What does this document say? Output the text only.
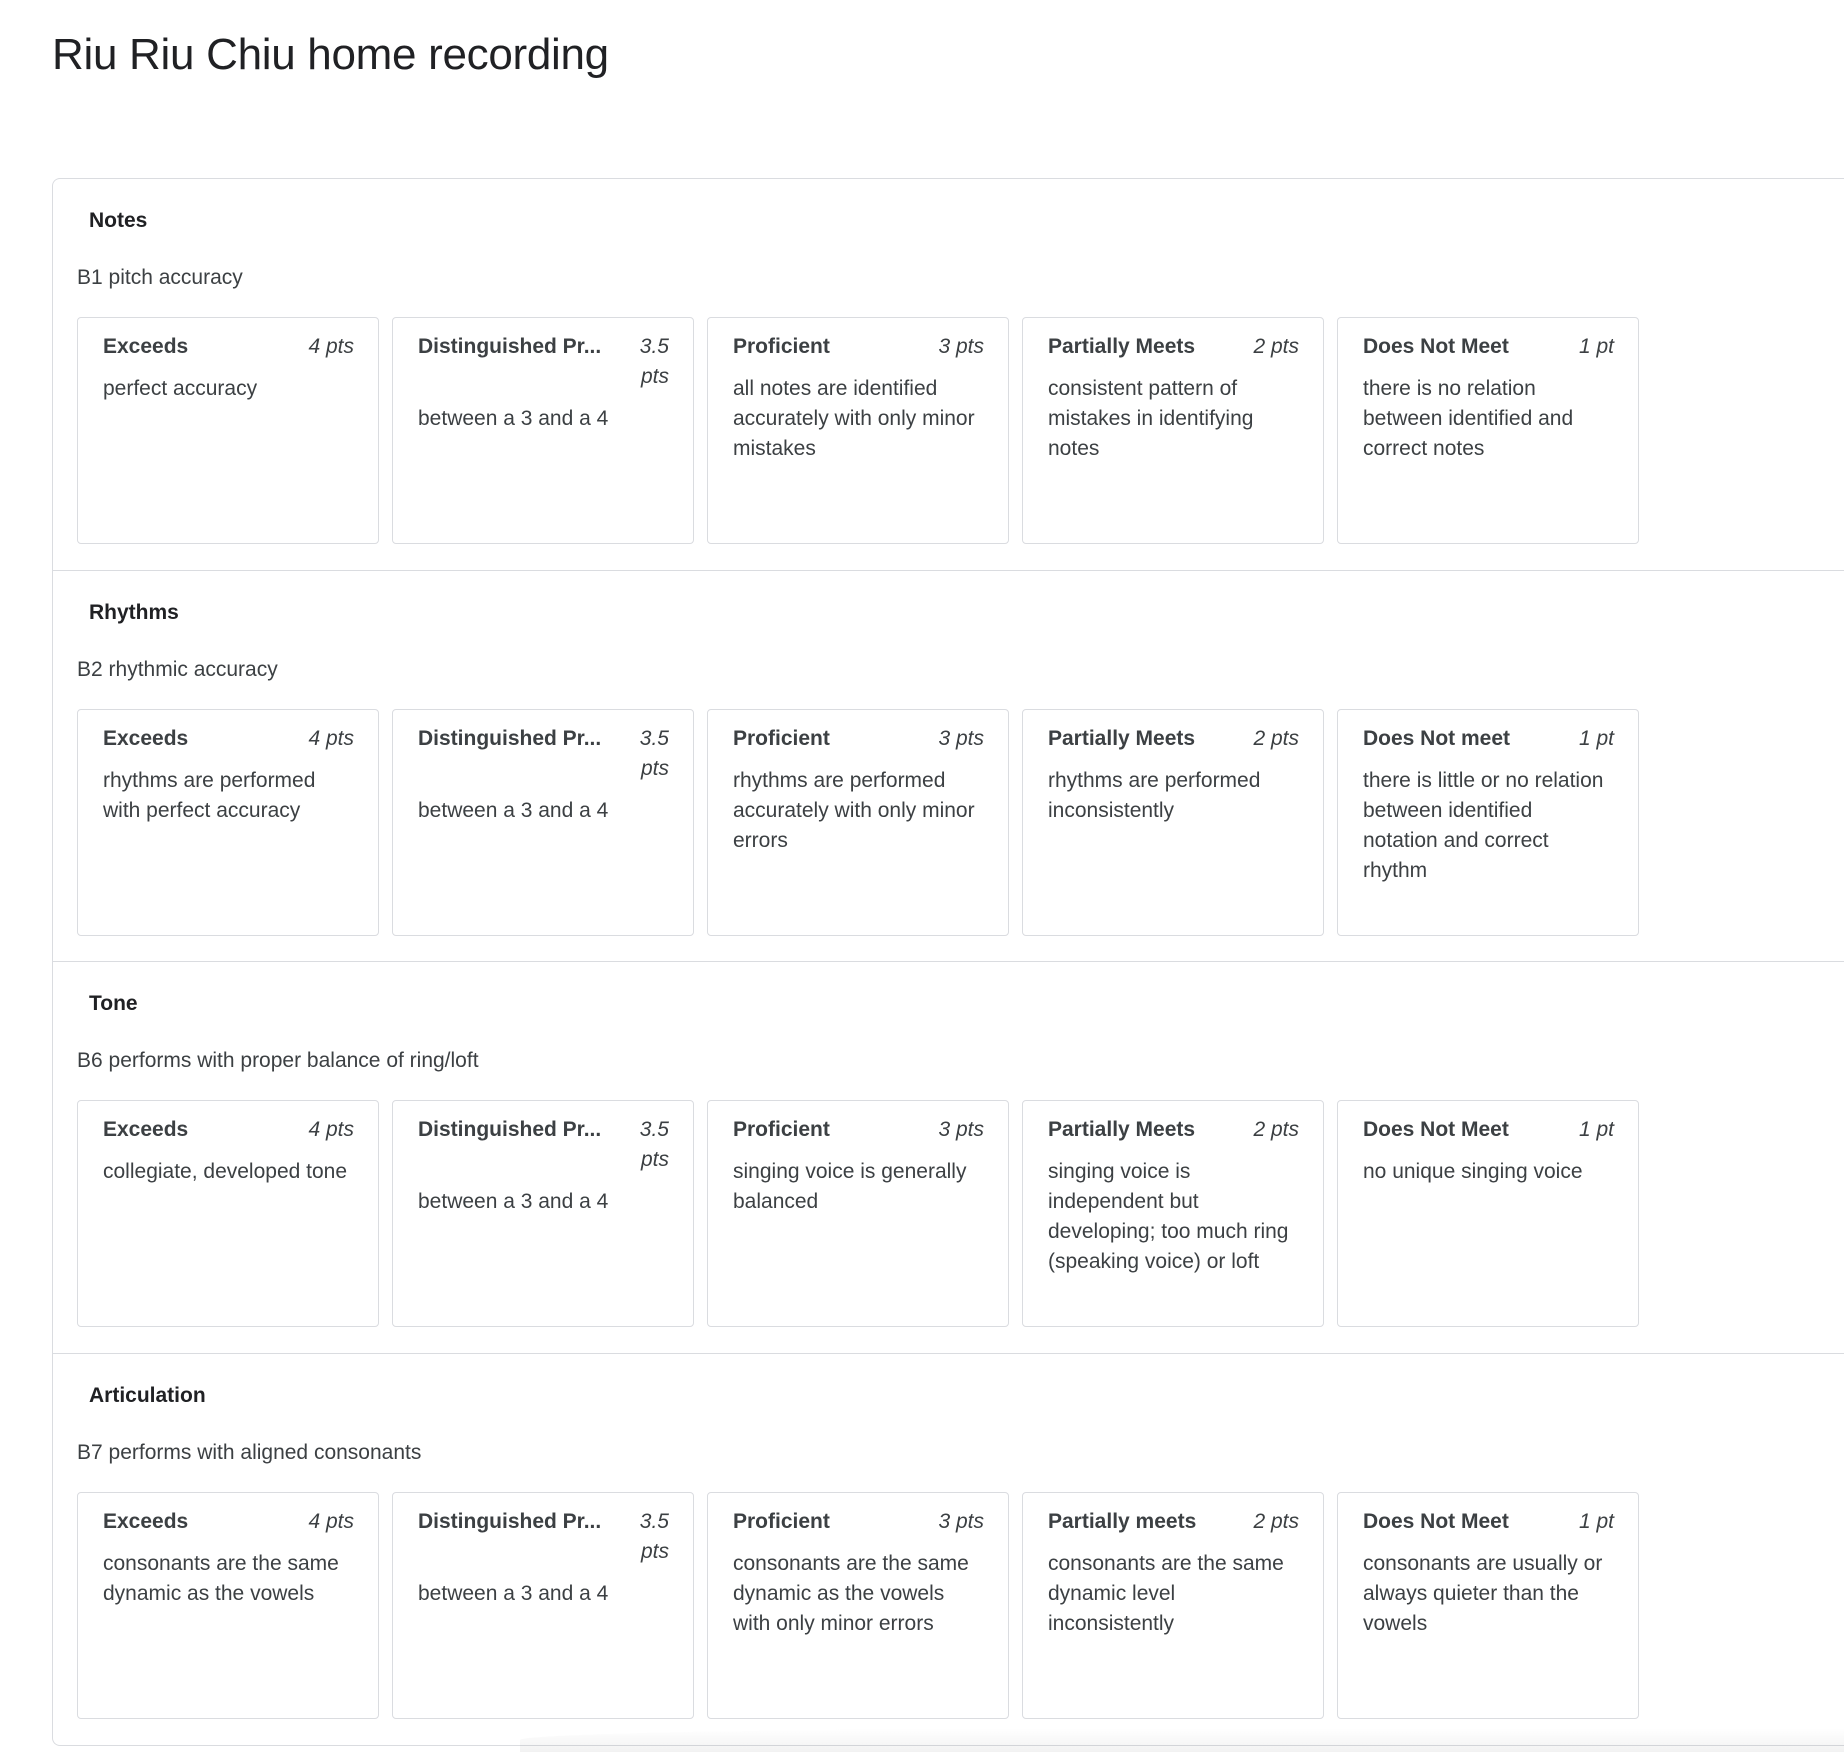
Riu Riu Chiu home recording
Notes
B1 pitch accuracy
Exceeds	4 pts
perfect accuracy
Distinguished Pr...	3.5 pts
between a 3 and a 4
Proficient	3 pts
all notes are identified accurately with only minor mistakes
Partially Meets	2 pts
consistent pattern of mistakes in identifying notes
Does Not Meet	1 pt
there is no relation between identified and correct notes
Rhythms
B2 rhythmic accuracy
Exceeds	4 pts
rhythms are performed with perfect accuracy
Distinguished Pr...	3.5 pts
between a 3 and a 4
Proficient	3 pts
rhythms are performed accurately with only minor errors
Partially Meets	2 pts
rhythms are performed inconsistently
Does Not meet	1 pt
there is little or no relation between identified notation and correct rhythm
Tone
B6 performs with proper balance of ring/loft
Exceeds	4 pts
collegiate, developed tone
Distinguished Pr...	3.5 pts
between a 3 and a 4
Proficient	3 pts
singing voice is generally balanced
Partially Meets	2 pts
singing voice is independent but developing; too much ring (speaking voice) or loft
Does Not Meet	1 pt
no unique singing voice
Articulation
B7 performs with aligned consonants
Exceeds	4 pts
consonants are the same dynamic as the vowels
Distinguished Pr...	3.5 pts
between a 3 and a 4
Proficient	3 pts
consonants are the same dynamic as the vowels with only minor errors
Partially meets	2 pts
consonants are the same dynamic level inconsistently
Does Not Meet	1 pt
consonants are usually or always quieter than the vowels
